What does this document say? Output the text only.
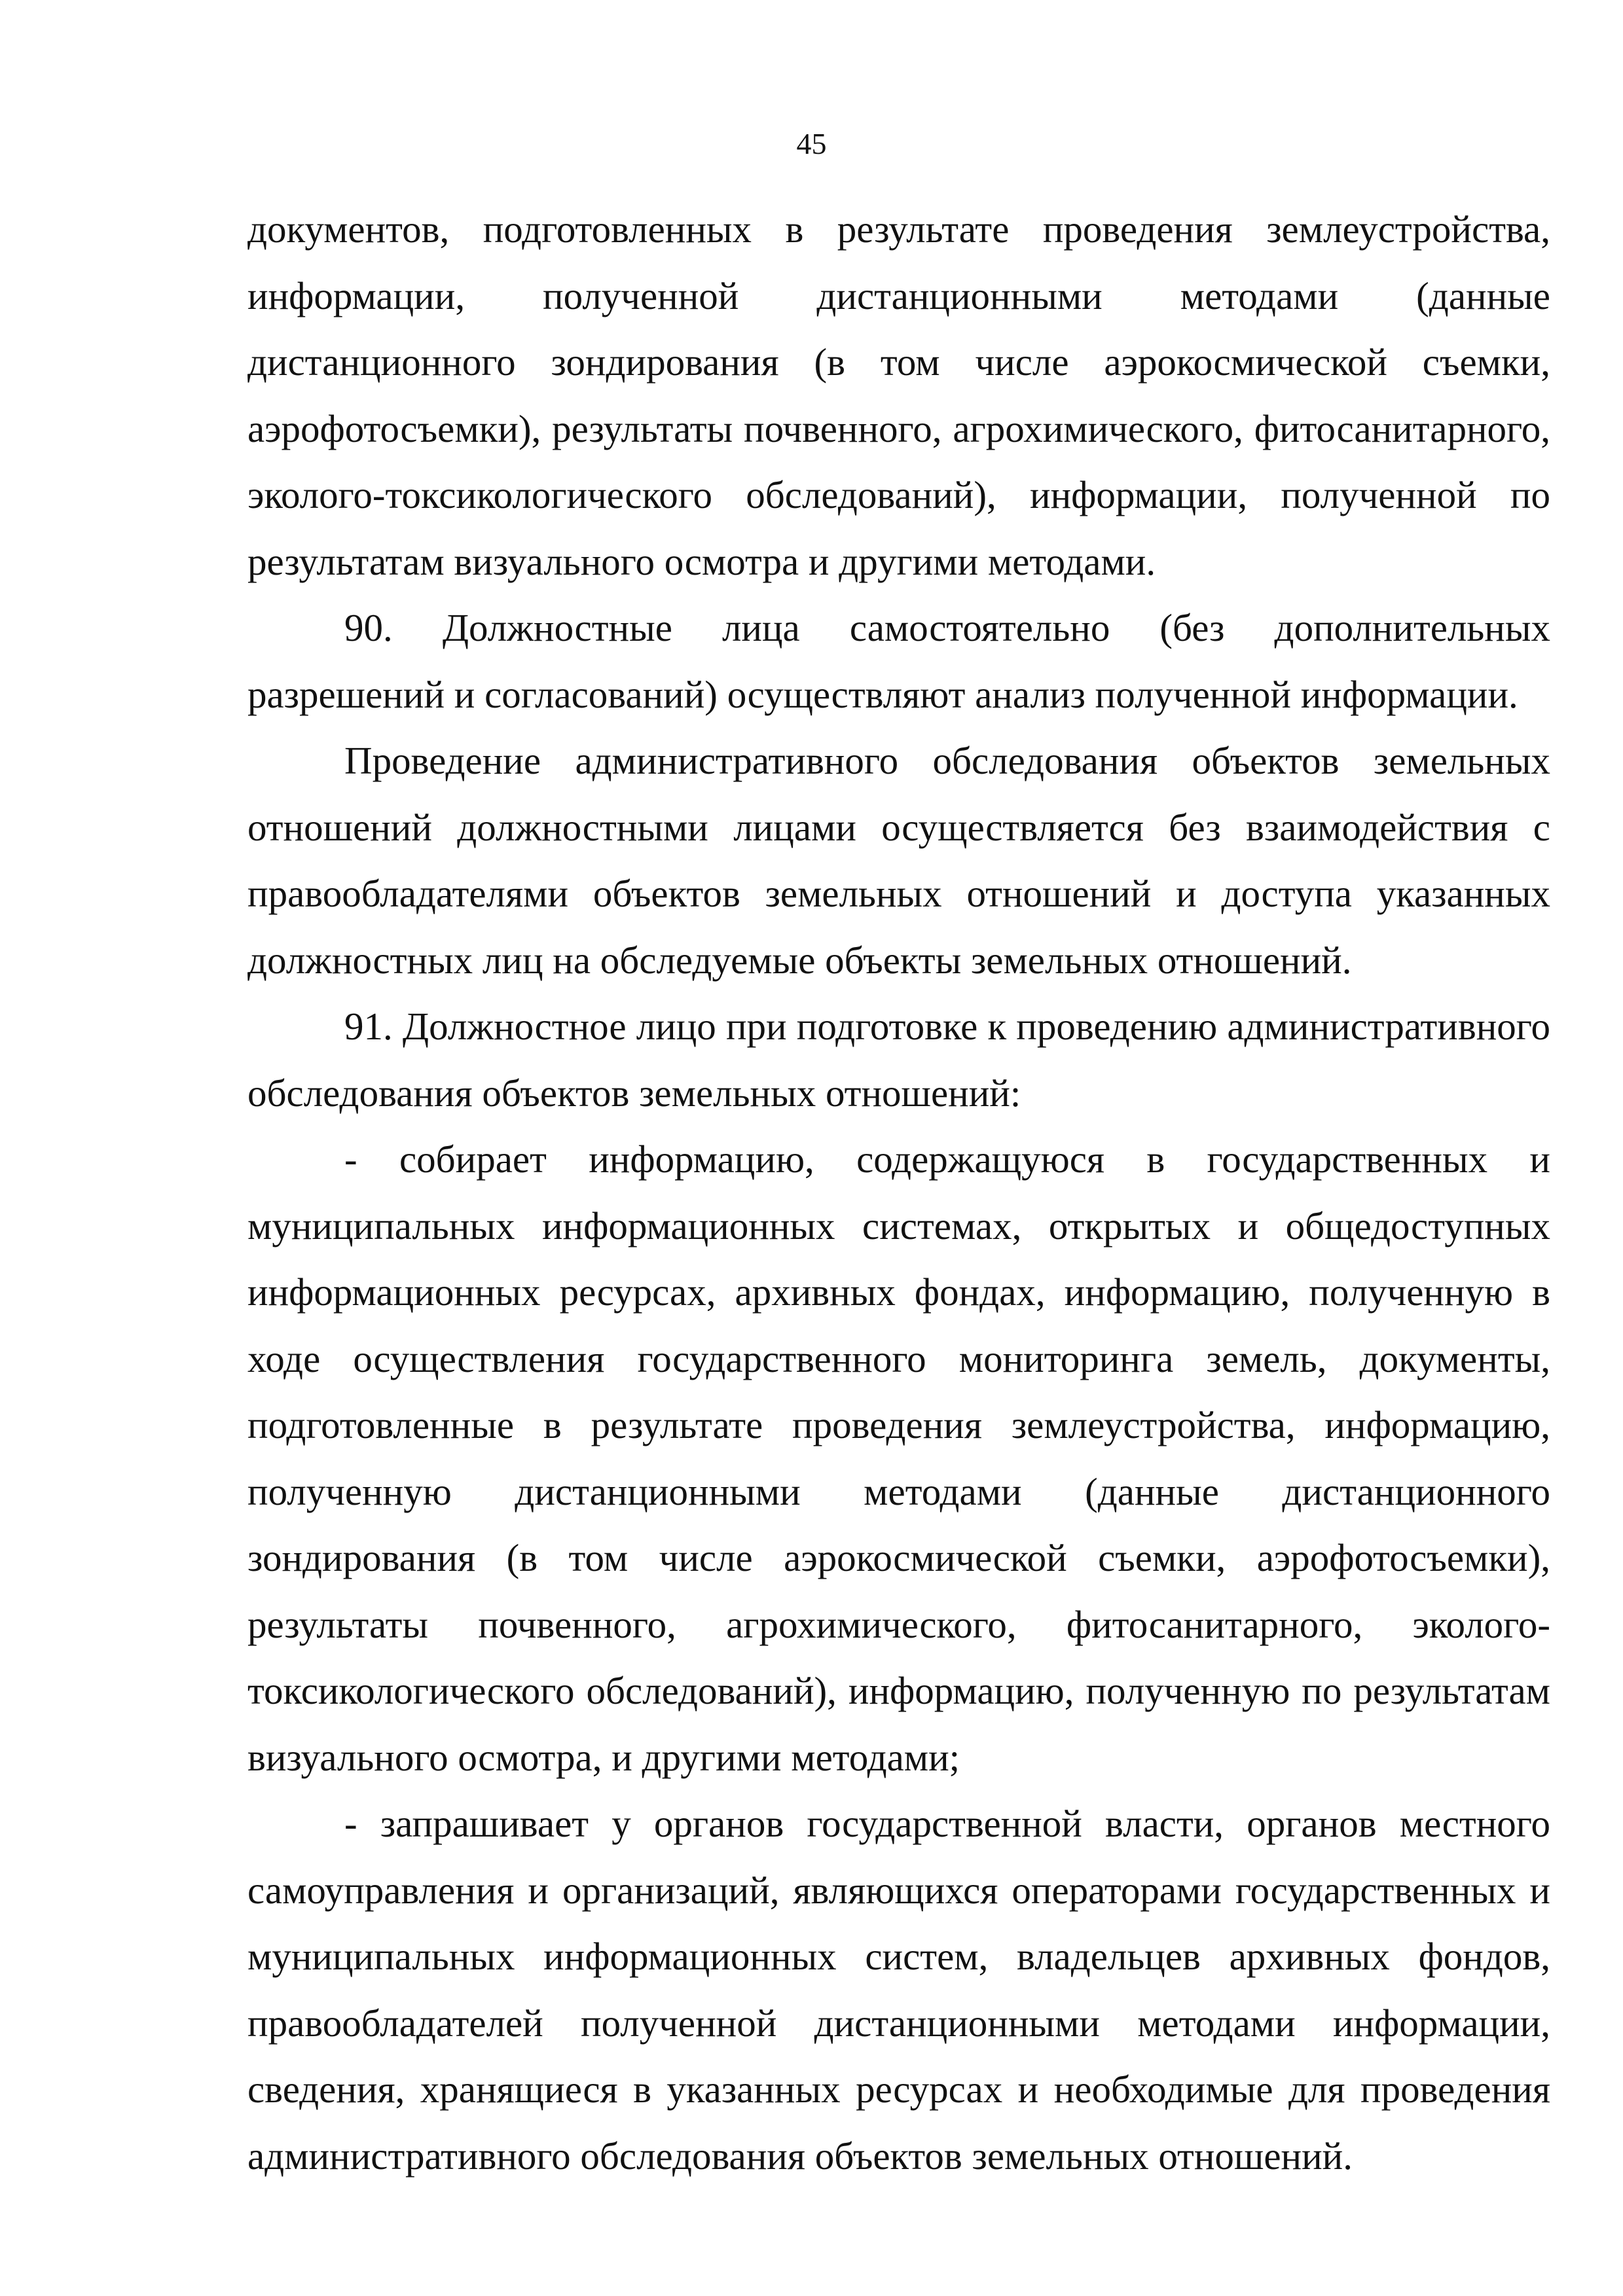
45

документов, подготовленных в результате проведения землеустройства, информации, полученной дистанционными методами (данные дистанционного зондирования (в том числе аэрокосмической съемки, аэрофотосъемки), результаты почвенного, агрохимического, фитосанитарного, эколого-токсикологического обследований), информации, полученной по результатам визуального осмотра и другими методами.

90. Должностные лица самостоятельно (без дополнительных разрешений и согласований) осуществляют анализ полученной информации.

Проведение административного обследования объектов земельных отношений должностными лицами осуществляется без взаимодействия с правообладателями объектов земельных отношений и доступа указанных должностных лиц на обследуемые объекты земельных отношений.

91. Должностное лицо при подготовке к проведению административного обследования объектов земельных отношений:

- собирает информацию, содержащуюся в государственных и муниципальных информационных системах, открытых и общедоступных информационных ресурсах, архивных фондах, информацию, полученную в ходе осуществления государственного мониторинга земель, документы, подготовленные в результате проведения землеустройства, информацию, полученную дистанционными методами (данные дистанционного зондирования (в том числе аэрокосмической съемки, аэрофотосъемки), результаты почвенного, агрохимического, фитосанитарного, эколого-токсикологического обследований), информацию, полученную по результатам визуального осмотра, и другими методами;

- запрашивает у органов государственной власти, органов местного самоуправления и организаций, являющихся операторами государственных и муниципальных информационных систем, владельцев архивных фондов, правообладателей полученной дистанционными методами информации, сведения, хранящиеся в указанных ресурсах и необходимые для проведения административного обследования объектов земельных отношений.
